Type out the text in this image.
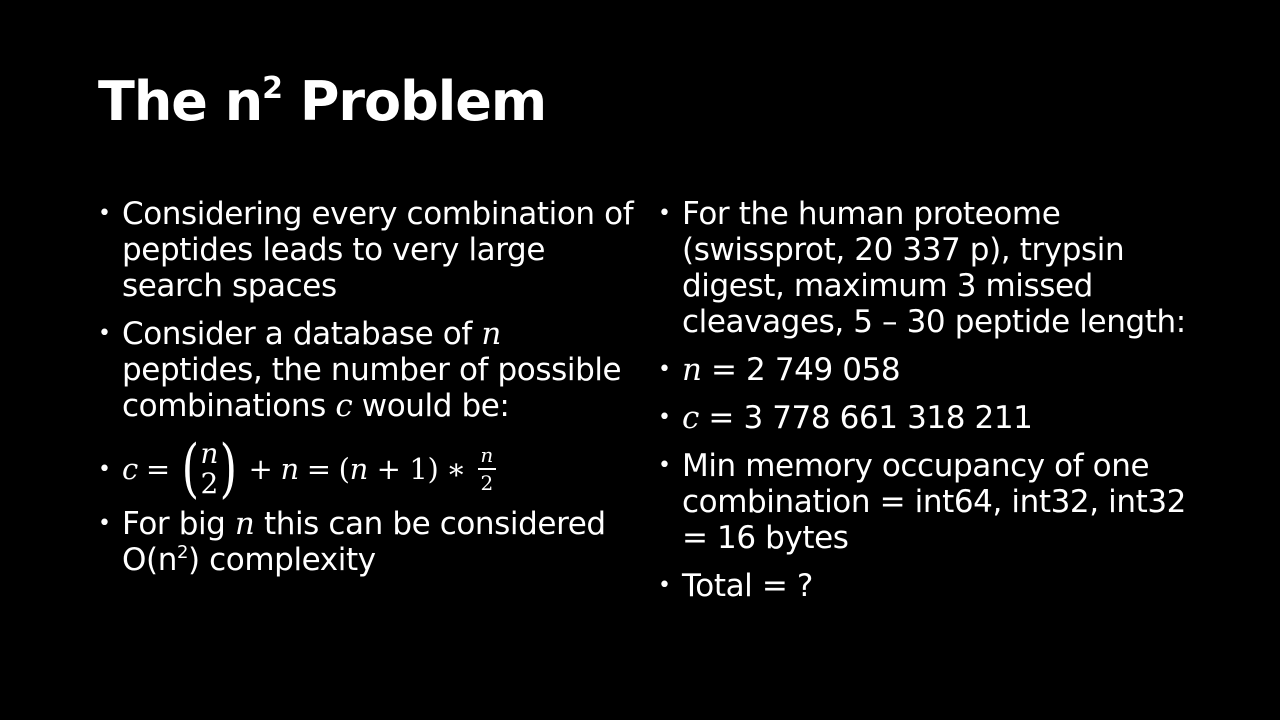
The $n^2$ Problem
• Considering every combination of peptides leads to very large search spaces
• Consider a database of n peptides, the number of possible combinations c would be:
• c = ( n
2 ) + n = (n + 1) ∗ $\frac{n}{2}$
• For big n this can be considered $O(n^2)$ complexity
• For the human proteome (swissprot, 20 337 p), trypsin digest, maximum 3 missed cleavages, 5 – 30 peptide length:
• n = 2 749 058
• c = 3 778 661 318 211
• Min memory occupancy of one combination = int64, int32, int32 = 16 bytes
• Total = ?
